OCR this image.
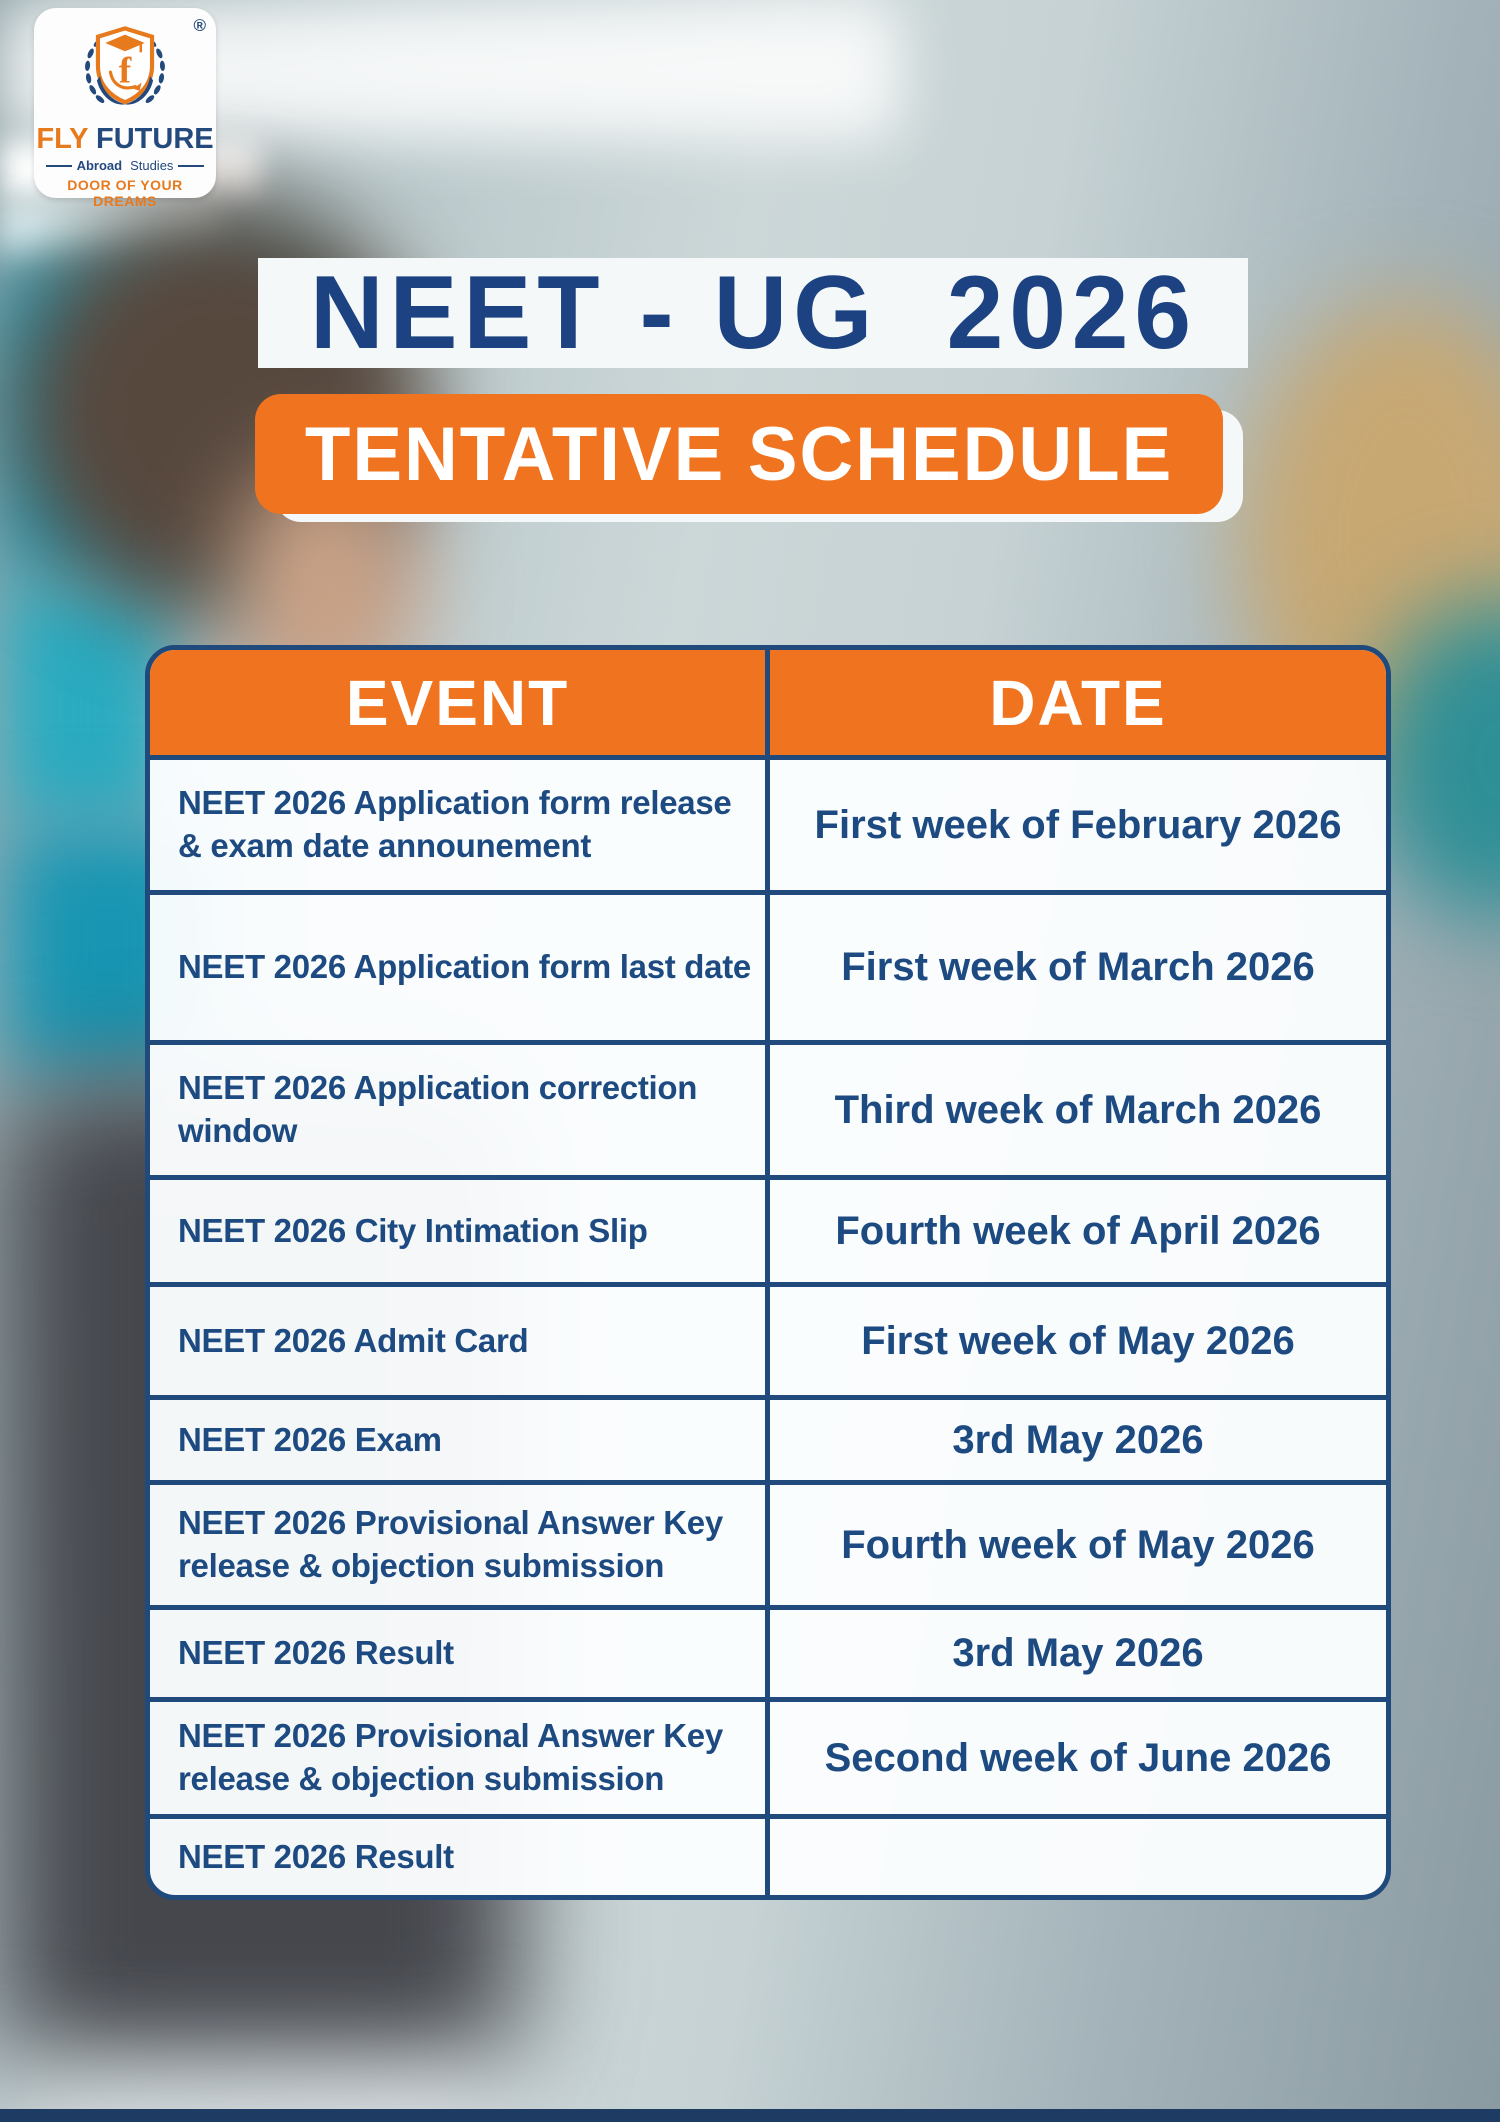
®
f
FLY FUTURE
Abroad Studies
DOOR OF YOUR DREAMS
NEET - UG  2026
TENTATIVE SCHEDULE
EVENT	DATE
NEET 2026 Application form release & exam date announement	First week of February 2026
NEET 2026 Application form last date	First week of March 2026
NEET 2026 Application correction window	Third week of March 2026
NEET 2026 City Intimation Slip	Fourth week of April 2026
NEET 2026 Admit Card	First week of May 2026
NEET 2026 Exam	3rd May 2026
NEET 2026 Provisional Answer Key release & objection submission	Fourth week of May 2026
NEET 2026 Result	3rd May 2026
NEET 2026 Provisional Answer Key release & objection submission	Second week of June 2026
NEET 2026 Result
